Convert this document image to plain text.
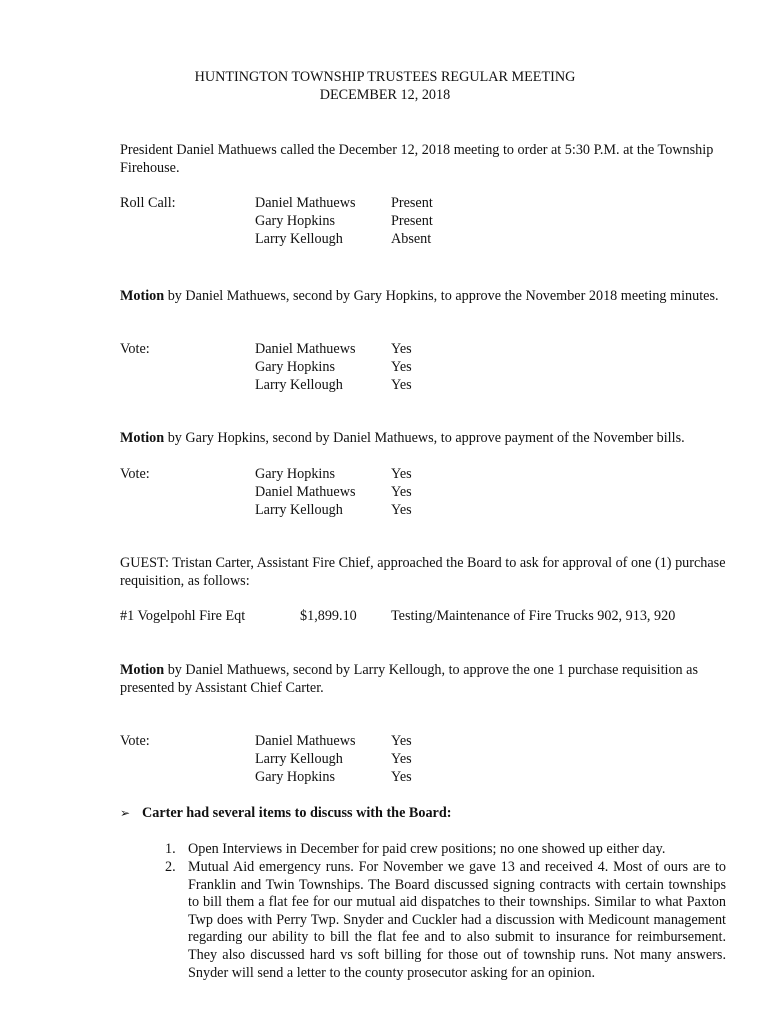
HUNTINGTON TOWNSHIP TRUSTEES REGULAR MEETING
DECEMBER 12, 2018
President Daniel Mathuews called the December 12, 2018 meeting to order at 5:30 P.M. at the Township Firehouse.
Roll Call:	Daniel Mathuews	Present
Gary Hopkins	Present
Larry Kellough	Absent
Motion by Daniel Mathuews, second by Gary Hopkins, to approve the November 2018 meeting minutes.
Vote:	Daniel Mathuews	Yes
Gary Hopkins	Yes
Larry Kellough	Yes
Motion by Gary Hopkins, second by Daniel Mathuews, to approve payment of the November bills.
Vote:	Gary Hopkins	Yes
Daniel Mathuews	Yes
Larry Kellough	Yes
GUEST: Tristan Carter, Assistant Fire Chief, approached the Board to ask for approval of one (1) purchase requisition, as follows:
#1 Vogelpohl Fire Eqt	$1,899.10 Testing/Maintenance of Fire Trucks 902, 913, 920
Motion by Daniel Mathuews, second by Larry Kellough, to approve the one 1 purchase requisition as presented by Assistant Chief Carter.
Vote:	Daniel Mathuews	Yes
Larry Kellough	Yes
Gary Hopkins	Yes
➢ Carter had several items to discuss with the Board:
1. Open Interviews in December for paid crew positions; no one showed up either day.
2. Mutual Aid emergency runs. For November we gave 13 and received 4. Most of ours are to Franklin and Twin Townships. The Board discussed signing contracts with certain townships to bill them a flat fee for our mutual aid dispatches to their townships. Similar to what Paxton Twp does with Perry Twp. Snyder and Cuckler had a discussion with Medicount management regarding our ability to bill the flat fee and to also submit to insurance for reimbursement. They also discussed hard vs soft billing for those out of township runs. Not many answers. Snyder will send a letter to the county prosecutor asking for an opinion.
